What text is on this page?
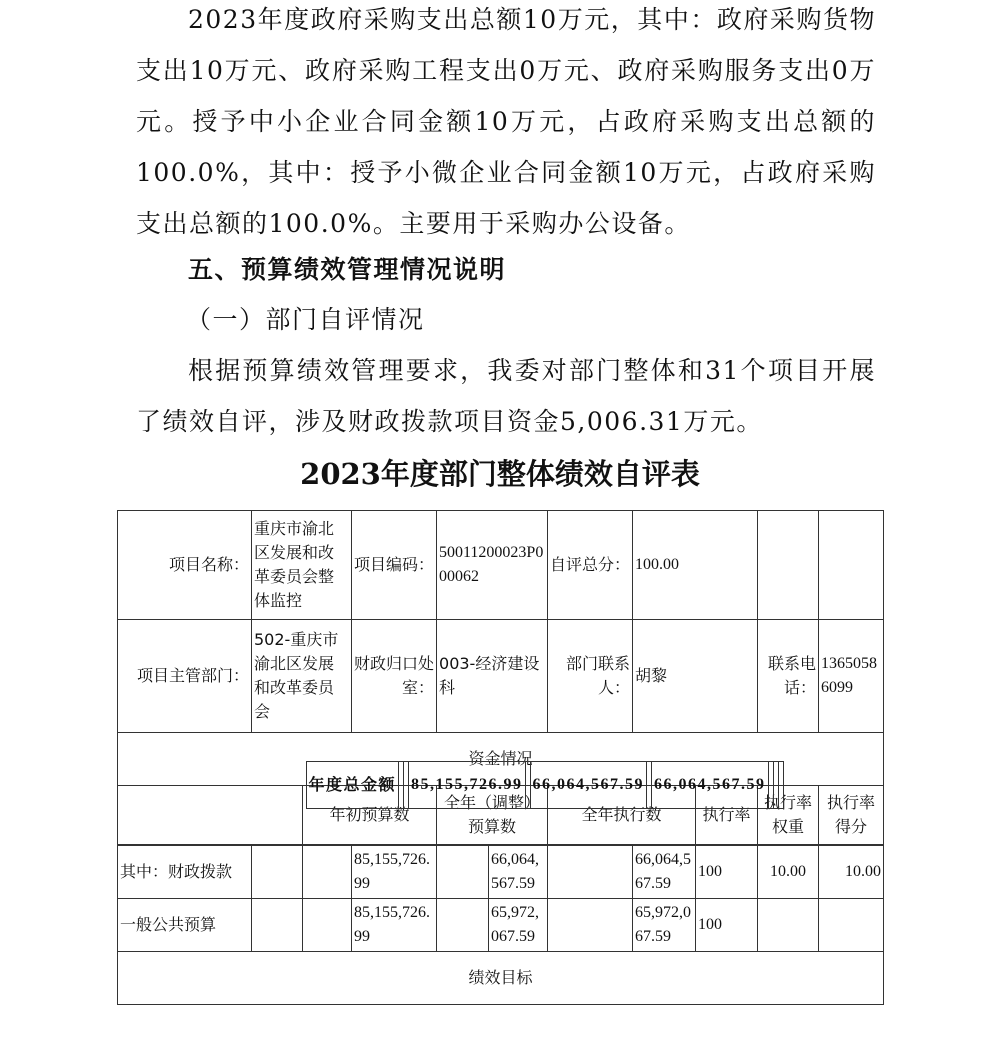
2023年度政府采购支出总额10万元，其中：政府采购货物支出10万元、政府采购工程支出0万元、政府采购服务支出0万元。授予中小企业合同金额10万元，占政府采购支出总额的100.0%，其中：授予小微企业合同金额10万元，占政府采购支出总额的100.0%。主要用于采购办公设备。

五、预算绩效管理情况说明

（一）部门自评情况

根据预算绩效管理要求，我委对部门整体和31个项目开展了绩效自评，涉及财政拨款项目资金5,006.31万元。

2023年度部门整体绩效自评表

项目名称：	重庆市渝北区发展和改革委员会整体监控	项目编码：	50011200023P000062	自评总分：	100.00		
项目主管部门：	502-重庆市渝北区发展和改革委员会	财政归口处室：	003-经济建设科	部门联系人：	胡黎	联系电话：	13650586099
资金情况
	年初预算数	全年（调整）预算数	全年执行数	执行率	执行率权重	执行率得分

年度总金额			85,155,726.99		66,064,567.59		66,064,567.59			
其中：财政拨款			85,155,726.99		66,064,567.59		66,064,567.59	100	10.00	10.00
一般公共预算			85,155,726.99		65,972,067.59		65,972,067.59	100		
绩效目标
